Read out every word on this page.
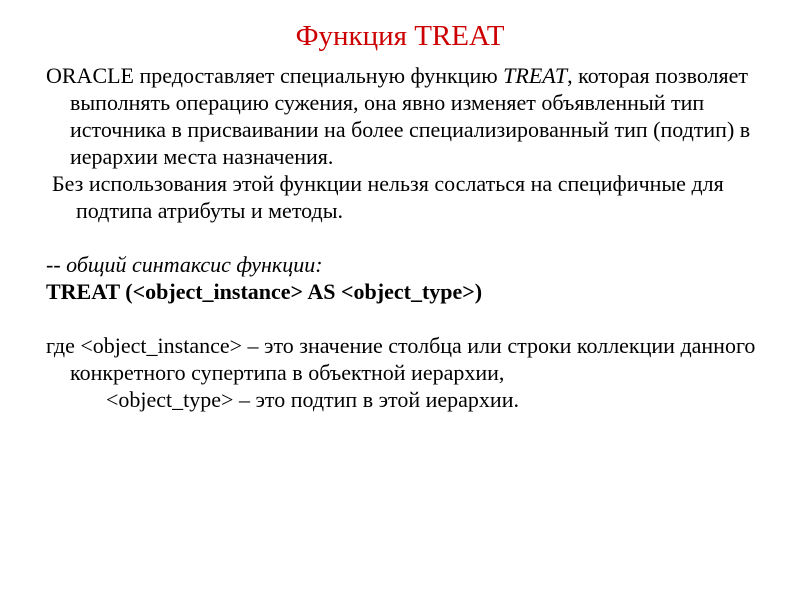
Функция TREAT

ORACLE предоставляет специальную функцию TREAT, которая позволяет выполнять операцию сужения, она явно изменяет объявленный тип источника в присваивании на более специализированный тип (подтип) в иерархии места назначения.

Без использования этой функции нельзя сослаться на специфичные для подтипа атрибуты и методы.

-- общий синтаксис функции:

TREAT (<object_instance> AS <object_type>)

где <object_instance> – это значение столбца или строки коллекции данного конкретного супертипа в объектной иерархии,

<object_type> – это подтип в этой иерархии.
